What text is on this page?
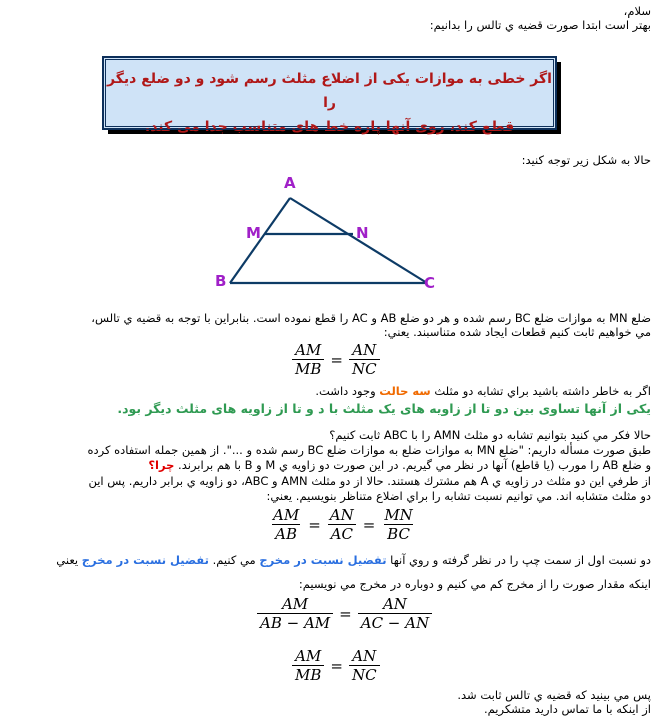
سلام،
بهتر است ابتدا صورت قضيه ي تالس را بدانيم:
اگر خطی به موازات یکی از اضلاع مثلث رسم شود و دو ضلع دیگر را
قطع کند، روی آنها پاره خط های متناسب جدا می کند.
حالا به شکل زير توجه کنيد:
A
M	N
B	C
ضلع MN به موازات ضلع BC رسم شده و هر دو ضلع AB و AC را قطع نموده است. بنابراين با توجه به قضيه ي تالس،
مي خواهيم ثابت کنيم قطعات ايجاد شده متناسبند. يعني:
$\frac{AM}{MB} = \frac{AN}{NC}$
اگر به خاطر داشته باشيد براي تشابه دو مثلث سه حالت وجود داشت.
یکی از آنها تساوی بین دو تا از زاویه های یک مثلث با د و تا از زاویه های مثلث دیگر بود.
حالا فکر مي کنيد بتوانيم تشابه دو مثلث AMN را با ABC ثابت کنيم؟
طبق صورت مسأله داريم: "ضلع MN به موازات ضلع به موازات ضلع BC رسم شده و ...". از همين جمله استفاده کرده
و ضلع AB را مورب (يا قاطع) آنها در نظر مي گيريم. در اين صورت دو زاويه ي M و B با هم برابرند. چرا؟
از طرفي اين دو مثلث در زاويه ي A هم مشترك هستند. حالا از دو مثلث AMN و ABC، دو زاويه ي برابر داريم. پس اين
دو مثلث متشابه اند. مي توانيم نسبت تشابه را براي اضلاع متناظر بنويسيم. يعني:
$\frac{AM}{AB} = \frac{AN}{AC} = \frac{MN}{BC}$
دو نسبت اول از سمت چپ را در نظر گرفته و روي آنها تفضيل نسبت در مخرج مي کنيم. تفضيل نسبت در مخرج يعني
اينکه مقدار صورت را از مخرج کم مي کنيم و دوباره در مخرج مي نويسيم:
$\frac{AM}{AB - AM} = \frac{AN}{AC - AN}$
$\frac{AM}{MB} = \frac{AN}{NC}$
پس مي بينيد که قضيه ي تالس ثابت شد.
از اينکه با ما تماس داريد متشکريم.
